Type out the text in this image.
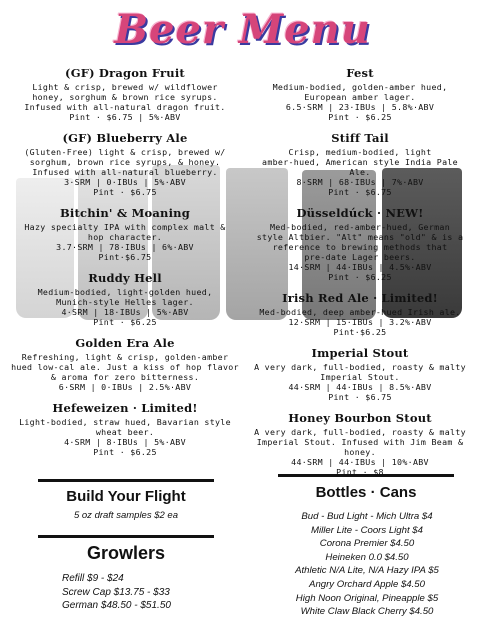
Beer Menu
(GF) Dragon Fruit

Light & crisp, brewed w/ wildflower

honey, sorghum & brown rice syrups.

Infused with all-natural dragon fruit.

Pint · $6.75 | 5%·ABV

(GF) Blueberry Ale

(Gluten-Free) light & crisp, brewed w/

sorghum, brown rice syrups, & honey.

Infused with all-natural blueberry.

3·SRM | 0·IBUs | 5%·ABV

Pint · $6.75

Bitchin' & Moaning

Hazy specialty IPA with complex malt &

hop character.

3.7·SRM | 78·IBUs | 6%·ABV

Pint·$6.75

Ruddy Hell

Medium-bodied, light-golden hued,

Munich-style Helles lager.

4·SRM | 18·IBUs | 5%·ABV

Pint · $6.25

Golden Era Ale

Refreshing, light & crisp, golden-amber

hued low-cal ale. Just a kiss of hop flavor

& aroma for zero bitterness.

6·SRM | 0·IBUs | 2.5%·ABV

Hefeweizen · Limited!

Light-bodied, straw hued, Bavarian style

wheat beer.

4·SRM | 8·IBUs | 5%·ABV

Pint · $6.25

Fest

Medium-bodied, golden-amber hued,

European amber lager.

6.5·SRM | 23·IBUs | 5.8%·ABV

Pint · $6.25

Stiff Tail

Crisp, medium-bodied, light

amber-hued, American style India Pale

Ale.

8·SRM | 68·IBUs | 7%·ABV

Pint · $6.75

Düsseldúck · NEW!

Med-bodied, red-amber-hued, German

style Altbier. "Alt" means "old" & is a

reference to brewing methods that

pre-date Lager beers.

14·SRM | 44·IBUs | 4.5%·ABV

Pint · $6.25

Irish Red Ale · Limited!

Med-bodied, deep amber-hued Irish ale.

12·SRM | 15·IBUs | 3.2%·ABV

Pint·$6.25

Imperial Stout

A very dark, full-bodied, roasty & malty

Imperial Stout.

44·SRM | 44·IBUs | 8.5%·ABV

Pint · $6.75

Honey Bourbon Stout

A very dark, full-bodied, roasty & malty

Imperial Stout. Infused with Jim Beam &

honey.

44·SRM | 44·IBUs | 10%·ABV

Pint · $8

Build Your Flight
5 oz draft samples $2 ea
Growlers
Refill $9 - $24
Screw Cap $13.75 - $33
German $48.50 - $51.50
Bottles · Cans
Bud - Bud Light - Mich Ultra $4
Miller Lite - Coors Light $4
Corona Premier $4.50
Heineken 0.0 $4.50
Athletic N/A Lite, N/A Hazy IPA $5
Angry Orchard Apple $4.50
High Noon Original, Pineapple $5
White Claw Black Cherry $4.50
